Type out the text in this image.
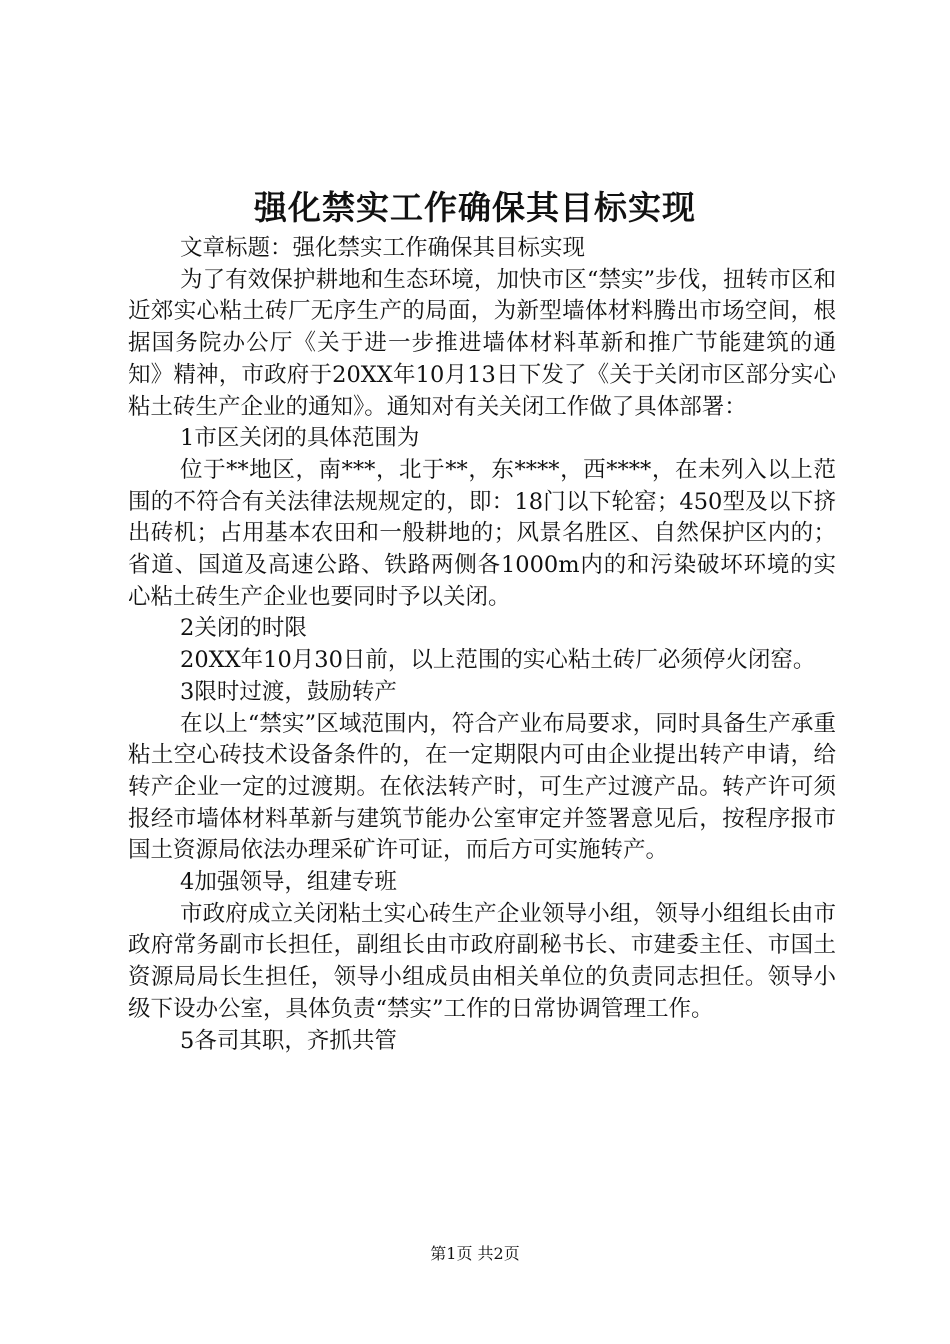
强化禁实工作确保其目标实现

文章标题：强化禁实工作确保其目标实现

为了有效保护耕地和生态环境，加快市区“禁实”步伐，扭转市区和近郊实心粘土砖厂无序生产的局面，为新型墙体材料腾出市场空间，根据国务院办公厅《关于进一步推进墙体材料革新和推广节能建筑的通知》精神，市政府于20XX年10月13日下发了《关于关闭市区部分实心粘土砖生产企业的通知》。通知对有关关闭工作做了具体部署：

1市区关闭的具体范围为

位于**地区，南***，北于**，东****，西****，在未列入以上范围的不符合有关法律法规规定的，即：18门以下轮窑；450型及以下挤出砖机；占用基本农田和一般耕地的；风景名胜区、自然保护区内的；省道、国道及高速公路、铁路两侧各1000m内的和污染破坏环境的实心粘土砖生产企业也要同时予以关闭。

2关闭的时限

20XX年10月30日前，以上范围的实心粘土砖厂必须停火闭窑。

3限时过渡，鼓励转产

在以上“禁实”区域范围内，符合产业布局要求，同时具备生产承重粘土空心砖技术设备条件的，在一定期限内可由企业提出转产申请，给转产企业一定的过渡期。在依法转产时，可生产过渡产品。转产许可须报经市墙体材料革新与建筑节能办公室审定并签署意见后，按程序报市国土资源局依法办理采矿许可证，而后方可实施转产。

4加强领导，组建专班

市政府成立关闭粘土实心砖生产企业领导小组，领导小组组长由市政府常务副市长担任，副组长由市政府副秘书长、市建委主任、市国土资源局局长生担任，领导小组成员由相关单位的负责同志担任。领导小级下设办公室，具体负责“禁实”工作的日常协调管理工作。

5各司其职，齐抓共管

第1页 共2页
